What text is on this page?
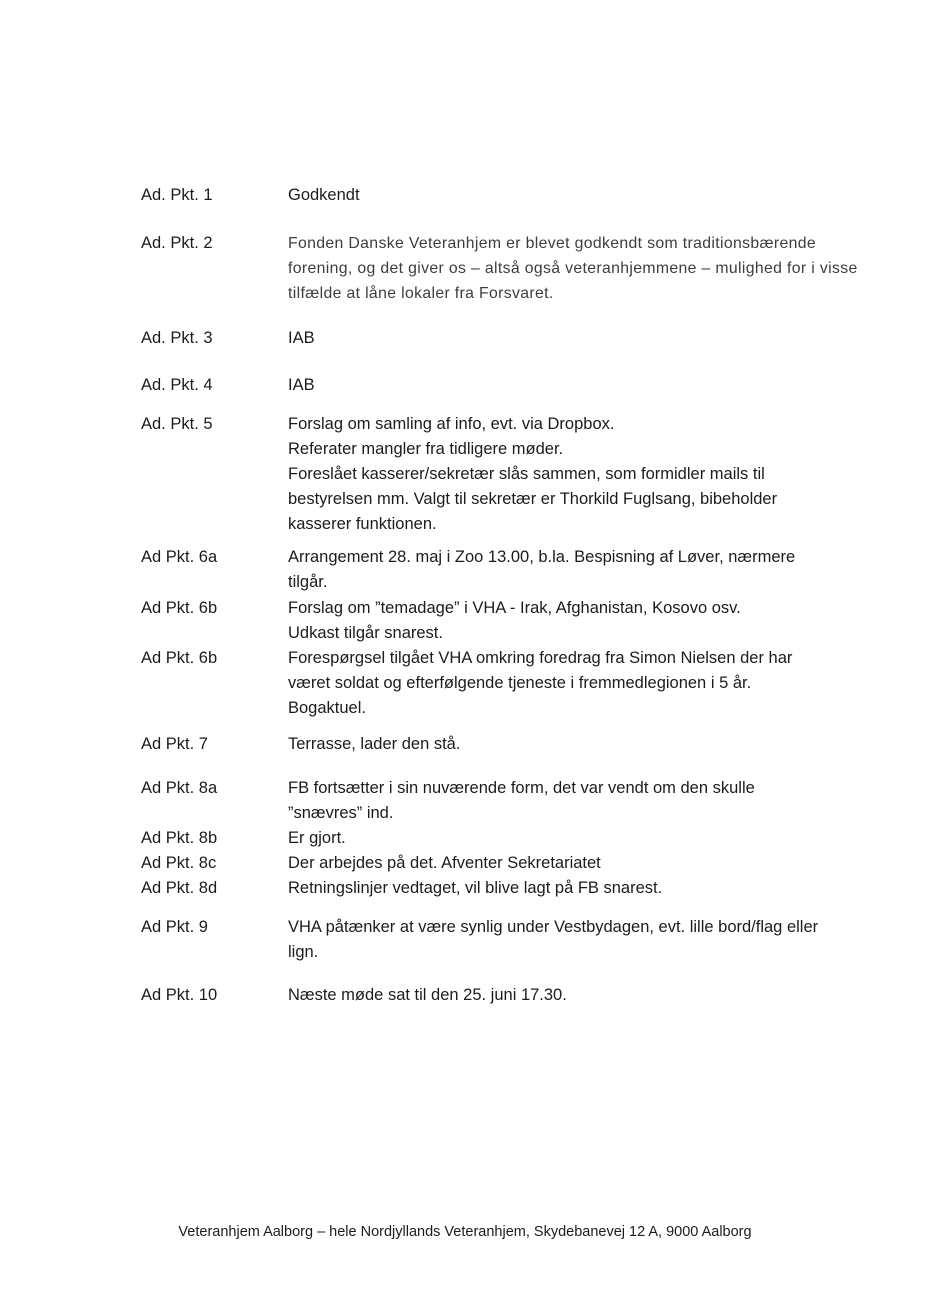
Ad. Pkt. 1	Godkendt
Ad. Pkt. 2	Fonden Danske Veteranhjem er blevet godkendt som traditionsbærende
forening, og det giver os – altså også veteranhjemmene – mulighed for i visse
tilfælde at låne lokaler fra Forsvaret.
Ad. Pkt. 3	IAB
Ad. Pkt. 4	IAB
Ad. Pkt. 5	Forslag om samling af info, evt. via Dropbox.
Referater mangler fra tidligere møder.
Foreslået kasserer/sekretær slås sammen, som formidler mails til
bestyrelsen mm. Valgt til sekretær er Thorkild Fuglsang, bibeholder
kasserer funktionen.
Ad Pkt. 6a	Arrangement 28. maj i Zoo 13.00, b.la. Bespisning af Løver, nærmere
tilgår.
Ad Pkt. 6b	Forslag om ”temadage” i VHA - Irak, Afghanistan, Kosovo osv.
Udkast tilgår snarest.
Ad Pkt. 6b	Forespørgsel tilgået VHA omkring foredrag fra Simon Nielsen der har
været soldat og efterfølgende tjeneste i fremmedlegionen i 5 år.
Bogaktuel.
Ad Pkt. 7	Terrasse, lader den stå.
Ad Pkt. 8a	FB fortsætter i sin nuværende form, det var vendt om den skulle
”snævres” ind.
Ad Pkt. 8b	Er gjort.
Ad Pkt. 8c	Der arbejdes på det. Afventer Sekretariatet
Ad Pkt. 8d	Retningslinjer vedtaget, vil blive lagt på FB snarest.
Ad Pkt. 9	VHA påtænker at være synlig under Vestbydagen, evt. lille bord/flag eller
lign.
Ad Pkt. 10	Næste møde sat til den 25. juni 17.30.
Veteranhjem Aalborg – hele Nordjyllands Veteranhjem, Skydebanevej 12 A, 9000 Aalborg
